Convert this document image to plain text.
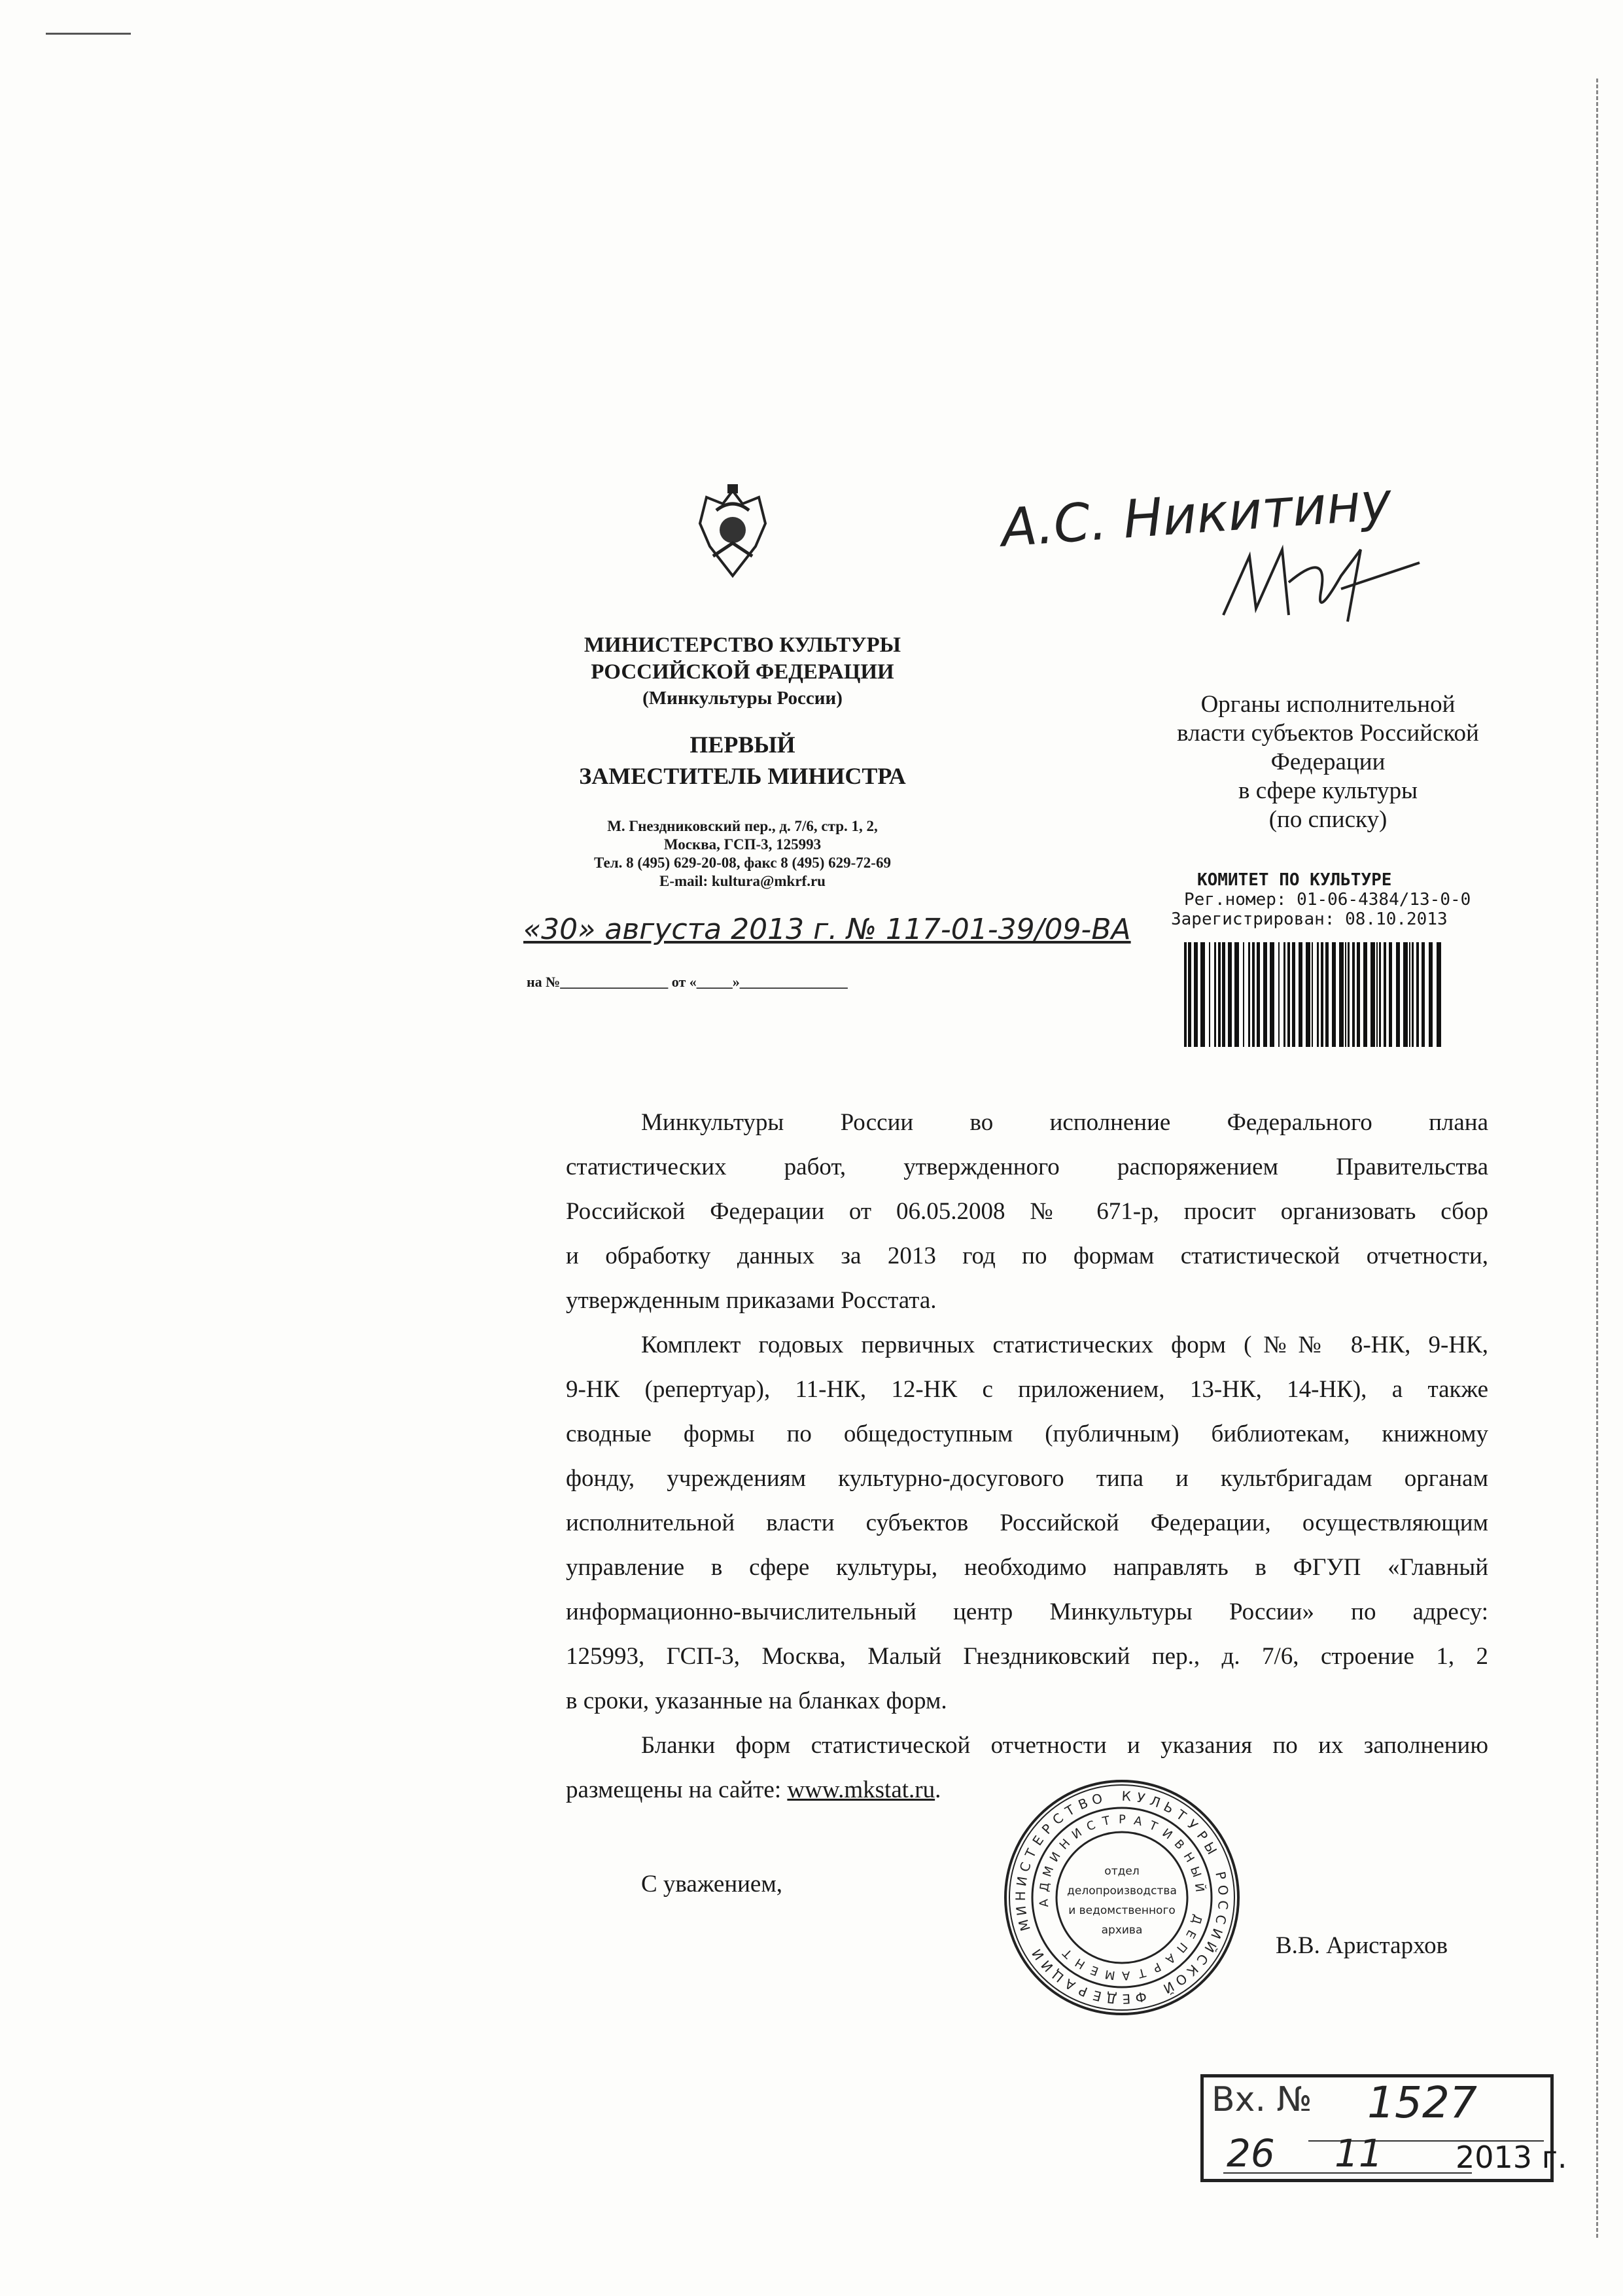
МИНИСТЕРСТВО КУЛЬТУРЫ
РОССИЙСКОЙ ФЕДЕРАЦИИ
(Минкультуры России)
ПЕРВЫЙ
ЗАМЕСТИТЕЛЬ МИНИСТРА
М. Гнездниковский пер., д. 7/6, стр. 1, 2,
Москва, ГСП-3, 125993
Тел. 8 (495) 629-20-08, факс 8 (495) 629-72-69
E-mail: kultura@mkrf.ru
«30» августа 2013 г. № 117-01-39/09-ВА
на №_______________ от «_____»_______________
А.С. Никитину
Органы исполнительной
власти субъектов Российской
Федерации
в сфере культуры
(по списку)
КОМИТЕТ ПО КУЛЬТУРЕ
Рег.номер: 01-06-4384/13-0-0
Зарегистрирован: 08.10.2013
Минкультуры России во исполнение Федерального плана
статистических работ, утвержденного распоряжением Правительства
Российской Федерации от 06.05.2008 № 671-р, просит организовать сбор
и обработку данных за 2013 год по формам статистической отчетности,
утвержденным приказами Росстата.
Комплект годовых первичных статистических форм (№№ 8-НК, 9-НК,
9-НК (репертуар), 11-НК, 12-НК с приложением, 13-НК, 14-НК), а также
сводные формы по общедоступным (публичным) библиотекам, книжному
фонду, учреждениям культурно-досугового типа и культбригадам органам
исполнительной власти субъектов Российской Федерации, осуществляющим
управление в сфере культуры, необходимо направлять в ФГУП «Главный
информационно-вычислительный центр Минкультуры России» по адресу:
125993, ГСП-3, Москва, Малый Гнездниковский пер., д. 7/6, строение 1, 2
в сроки, указанные на бланках форм.
Бланки форм статистической отчетности и указания по их заполнению
размещены на сайте: www.mkstat.ru.
С уважением,
В.В. Аристархов
М
И
Н
И
С
Т
Е
Р
С
Т
В О К У Л
Ь
Т
У
Р
Ы
Р
О
С
С
И
Й
С
К
О
Й
Ф
Е
Д
Е
Р
А
Ц
И
И
А
Д
М
И
Н
И С Т Р А Т И
В
Н
Ы
Й
Д
Е
П
А
Р
Т
А
М
Е
Н
Т
отдел
делопроизводства
и ведомственного
архива
Вх. № 1527
26 11 2013 г.
